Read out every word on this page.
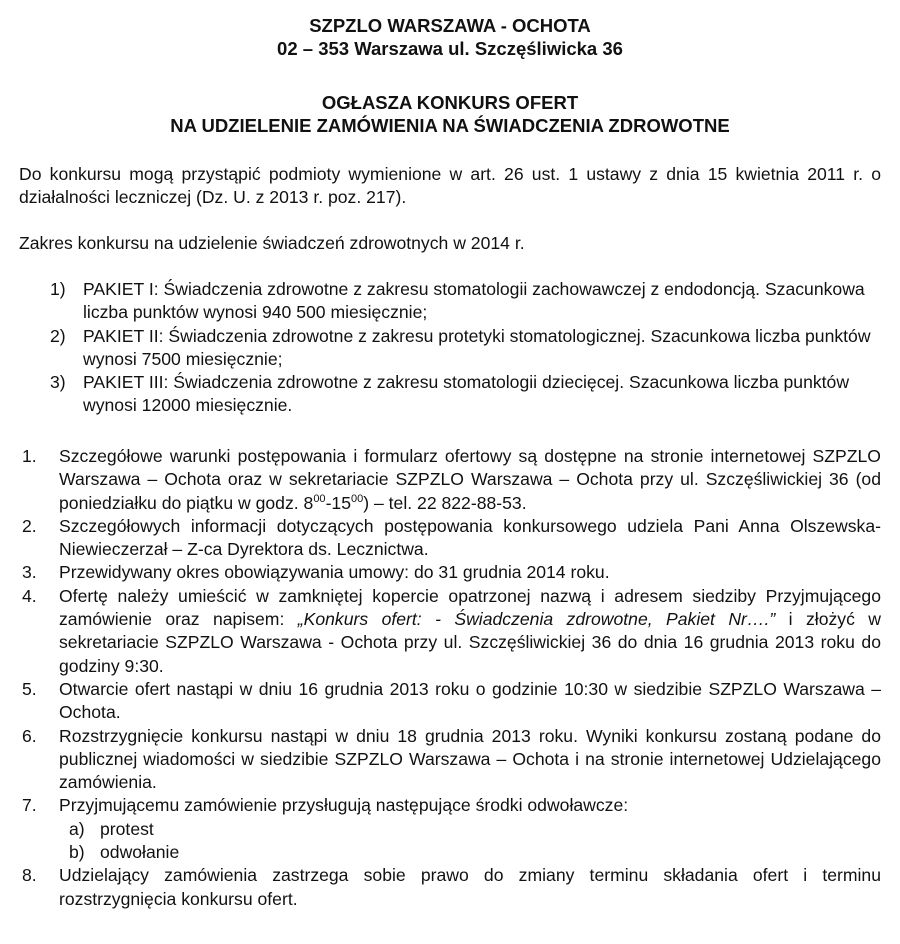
SZPZLO WARSZAWA - OCHOTA
02 – 353 Warszawa ul. Szczęśliwicka 36
OGŁASZA KONKURS OFERT
NA UDZIELENIE ZAMÓWIENIA NA ŚWIADCZENIA ZDROWOTNE
Do konkursu mogą przystąpić podmioty wymienione w art. 26 ust. 1 ustawy z dnia 15 kwietnia 2011 r. o działalności leczniczej (Dz. U. z 2013 r. poz. 217).
Zakres konkursu na udzielenie świadczeń zdrowotnych w 2014 r.
1) PAKIET I: Świadczenia zdrowotne z zakresu stomatologii zachowawczej z endodoncją. Szacunkowa liczba punktów wynosi 940 500 miesięcznie;
2) PAKIET II: Świadczenia zdrowotne z zakresu protetyki stomatologicznej. Szacunkowa liczba punktów wynosi 7500 miesięcznie;
3) PAKIET III: Świadczenia zdrowotne z zakresu stomatologii dziecięcej. Szacunkowa liczba punktów wynosi 12000 miesięcznie.
1.	Szczegółowe warunki postępowania i formularz ofertowy są dostępne na stronie internetowej SZPZLO Warszawa – Ochota oraz w sekretariacie SZPZLO Warszawa – Ochota przy ul. Szczęśliwickiej 36 (od poniedziałku do piątku w godz. $8^{00}-15^{00}$) – tel. 22 822-88-53.
2.	Szczegółowych informacji dotyczących postępowania konkursowego udziela Pani Anna Olszewska-Niewieczerzał – Z-ca Dyrektora ds. Lecznictwa.
3.	Przewidywany okres obowiązywania umowy: do 31 grudnia 2014 roku.
4.	Ofertę należy umieścić w zamkniętej kopercie opatrzonej nazwą i adresem siedziby Przyjmującego zamówienie oraz napisem: „Konkurs ofert: - Świadczenia zdrowotne, Pakiet Nr….” i złożyć w sekretariacie SZPZLO Warszawa - Ochota przy ul. Szczęśliwickiej 36 do dnia 16 grudnia 2013 roku do godziny 9:30.
5.	Otwarcie ofert nastąpi w dniu 16 grudnia 2013 roku o godzinie 10:30 w siedzibie SZPZLO Warszawa – Ochota.
6.	Rozstrzygnięcie konkursu nastąpi w dniu 18 grudnia 2013 roku. Wyniki konkursu zostaną podane do publicznej wiadomości w siedzibie SZPZLO Warszawa – Ochota i na stronie internetowej Udzielającego zamówienia.
7.	Przyjmującemu zamówienie przysługują następujące środki odwoławcze:
a) protest
b) odwołanie
8.	Udzielający zamówienia zastrzega sobie prawo do zmiany terminu składania ofert i terminu rozstrzygnięcia konkursu ofert.
